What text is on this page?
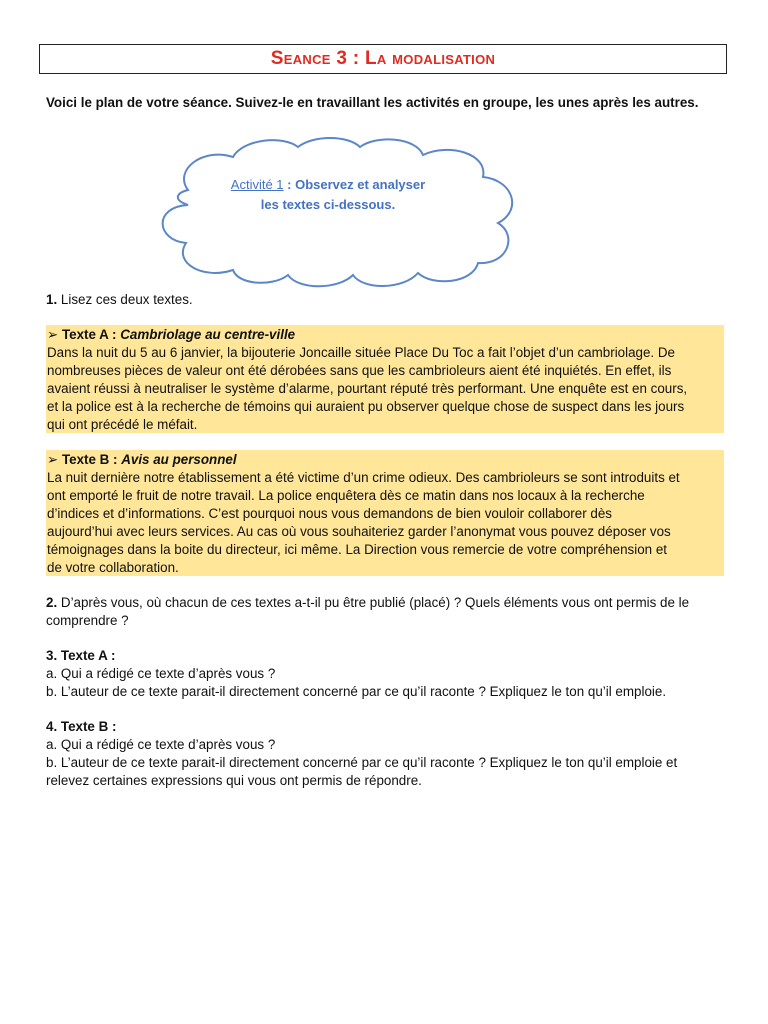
Seance 3 : La modalisation
Voici le plan de votre séance. Suivez-le en travaillant les activités en groupe, les unes après les autres.
Activité 1 : Observez et analyser
les textes ci-dessous.
1. Lisez ces deux textes.
➢ Texte A : Cambriolage au centre-ville
Dans la nuit du 5 au 6 janvier, la bijouterie Joncaille située Place Du Toc a fait l’objet d’un cambriolage. De
nombreuses pièces de valeur ont été dérobées sans que les cambrioleurs aient été inquiétés. En effet, ils
avaient réussi à neutraliser le système d’alarme, pourtant réputé très performant. Une enquête est en cours,
et la police est à la recherche de témoins qui auraient pu observer quelque chose de suspect dans les jours
qui ont précédé le méfait.
➢ Texte B : Avis au personnel
La nuit dernière notre établissement a été victime d’un crime odieux. Des cambrioleurs se sont introduits et
ont emporté le fruit de notre travail. La police enquêtera dès ce matin dans nos locaux à la recherche
d’indices et d’informations. C’est pourquoi nous vous demandons de bien vouloir collaborer dès
aujourd’hui avec leurs services. Au cas où vous souhaiteriez garder l’anonymat vous pouvez déposer vos
témoignages dans la boite du directeur, ici même. La Direction vous remercie de votre compréhension et
de votre collaboration.
2. D’après vous, où chacun de ces textes a-t-il pu être publié (placé) ? Quels éléments vous ont permis de le
comprendre ?
3. Texte A :
a. Qui a rédigé ce texte d’après vous ?
b. L’auteur de ce texte parait-il directement concerné par ce qu’il raconte ? Expliquez le ton qu’il emploie.
4. Texte B :
a. Qui a rédigé ce texte d’après vous ?
b. L’auteur de ce texte parait-il directement concerné par ce qu’il raconte ? Expliquez le ton qu’il emploie et
relevez certaines expressions qui vous ont permis de répondre.
